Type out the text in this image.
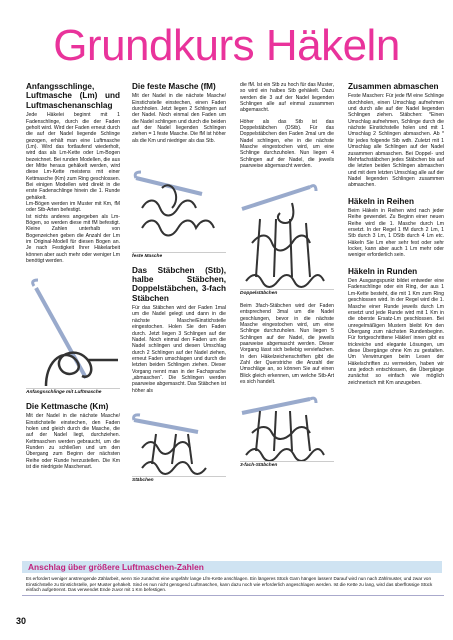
Grundkurs Häkeln
Anfangsschlinge, Luftmasche (Lm) und Luftmaschenanschlag

Jede Häkelei beginnt mit 1 Fadenschlinge, durch die der Faden geholt wird. Wird der Faden erneut durch die auf der Nadel liegende Schlinge gezogen, erhält man eine Luftmasche (Lm). Wird das fortlaufend wiederholt, wird das als Lm-Kette oder Lm-Bogen bezeichnet. Bei runden Modellen, die aus der Mitte heraus gehäkelt werden, wird diese Lm-Kette meistens mit einer Kettmasche (Km) zum Ring geschlossen. Bei einigen Modellen wird direkt in die erste Fadenschlinge hinein die 1. Runde gehäkelt.

Lm-Bögen werden im Muster mit Km, fM oder Stb-Arten befestigt.

Ist nichts anderes angegeben als Lm-Bögen, so werden diese mit fM befestigt. Kleine Zahlen unterhalb von Bogenzeichen geben die Anzahl der Lm im Original-Modell für diesen Bogen an. Je nach Festigkeit Ihrer Häkelarbeit können aber auch mehr oder weniger Lm benötigt werden.

Anfangsschlinge mit Luftmasche
Die Kettmasche (Km)

Mit der Nadel in die nächste Masche/ Einstichstelle einstechen, den Faden holen und gleich durch die Masche, die auf der Nadel liegt, durchziehen. Kettmaschen werden gebraucht, um die Runden zu schließen und um den Übergang zum Beginn der nächsten Reihe oder Runde herzustellen. Die Km ist die niedrigste Maschenart.

Die feste Masche (fM)

Mit der Nadel in die nächste Masche/ Einstichstelle einstechen, einen Faden durchholen. Jetzt liegen 2 Schlingen auf der Nadel. Noch einmal den Faden um die Nadel schlingen und durch die beiden auf der Nadel liegenden Schlingen ziehen = 1 feste Masche. Die fM ist höher als die Km und niedriger als das Stb.

feste Masche
Das Stäbchen (Stb), halbe Stäbchen, Doppelstäbchen, 3-fach Stäbchen

Für das Stäbchen wird der Faden 1mal um die Nadel gelegt und dann in die nächste Masche/Einstichstelle eingestochen. Holen Sie den Faden durch. Jetzt liegen 3 Schlingen auf der Nadel. Noch einmal den Faden um die Nadel schlingen und diesen Umschlag durch 2 Schlingen auf der Nadel ziehen, erneut Faden umschlagen und durch die letzten beiden Schlingen ziehen. Dieser Vorgang nennt man in der Fachsprache „abmaschen“. Die Schlingen werden paarweise abgemascht. Das Stäbchen ist höher als

Stäbchen

die fM. Ist ein Stb zu hoch für das Muster, so wird ein halbes Stb gehäkelt. Dazu werden die 3 auf der Nadel liegenden Schlingen alle auf einmal zusammen abgemascht.

Höher als das Stb ist das Doppelstäbchen (DStb). Für das Doppelstäbchen den Faden 2mal um die Nadel schlingen, ehe in die nächste Masche eingestochen wird, um eine Schlinge durchzuholen. Nun liegen 4 Schlingen auf der Nadel, die jeweils paarweise abgemascht werden.

Doppelstäbchen

Beim 3fach-Stäbchen wird der Faden entsprechend 3mal um die Nadel geschlungen, bevor in die nächste Masche eingestochen wird, um eine Schlinge durchzuholen. Nun liegen 5 Schlingen auf der Nadel, die jeweils paarweise abgemascht werden. Dieser Vorgang lässt sich beliebig verviefachen. In den Häkelzeichenschriften gibt die Zahl der Querstriche die Anzahl der Umschläge an, so können Sie auf einen Blick gleich erkennen, um welche Stb-Art es sich handelt.

3-fach-Stäbchen
Zusammen abmaschen

Feste Maschen: Für jede fM eine Schlinge durchholen, einen Umschlag aufnehmen und durch alle auf der Nadel liegenden Schlingen ziehen. Stäbchen: *Einen Umschlag aufnehmen, Schlinge durch die nächste Einstichstelle holen und mit 1 Umschlag 2 Schlingen abmaschen. Ab * für jedes folgende Stb wdh. Zuletzt mit 1 Umschlag alle Schlingen auf der Nadel zusammen abmaschen. Bei Doppel- und Mehrfachstäbchen jedes Stäbchen bis auf die letzten beiden Schlingen abmaschen und mit dem letzten Umschlag alle auf der Nadel liegenden Schlingen zusammen abmaschen.

Häkeln in Reihen

Beim Häkeln in Reihen wird nach jeder Reihe gewendet. Zu Beginn einer neuen Reihe wird die 1. Masche durch Lm ersetzt. In der Regel 1 fM durch 2 Lm, 1 Stb durch 3 Lm, 1 DStb durch 4 Lm etc. Häkeln Sie Lm eher sehr fest oder sehr locker, kann aber auch 1 Lm mehr oder weniger erforderlich sein.

Häkeln in Runden

Den Ausgangspunkt bildet entweder eine Fadenschlinge oder ein Ring, der aus 1 Lm-Kette besteht, die mit 1 Km zum Ring geschlossen wird. In der Regel wird die 1. Masche einer Runde jeweils durch Lm ersetzt und jede Runde wird mit 1 Km in die oberste Ersatz-Lm geschlossen. Bei unregelmäßigen Mustern bleibt Km den Übergang zum nächsten Rundenbeginn. Für fortgeschrittene Häkler/ innen gibt es trickreiche und elegante Lösungen, um diese Übergänge ohne Km zu gestalten. Um Verwirrungen beim Lesen der Häkelschriften zu vermeiden, haben wir uns jedoch entschlossen, die Übergänge zunächst so einfach wie möglich zeichnerisch mit Km anzugeben.

Anschlag über größere Luftmaschen-Zahlen
Es erfordert weniger anstrengende Zählarbeit, wenn Sie zunächst eine ungefähr lange Lfm-Kette anschlagen. Ein längeres Stück Garn hängen lassen! Darauf wird nun nach Zählmuster, und zwar von Einstichstelle zu Einstichstelle, per Muster gehäkelt. Sind es nun nicht genügend Luftmaschen, kann dazu noch wie erforderlich angeschlagen werden. Ist die Kette zu lang, wird das überflüssige Stück einfach aufgetrennt. Das verwendet Ende zuvor mit 1 Km befestigen.
30
